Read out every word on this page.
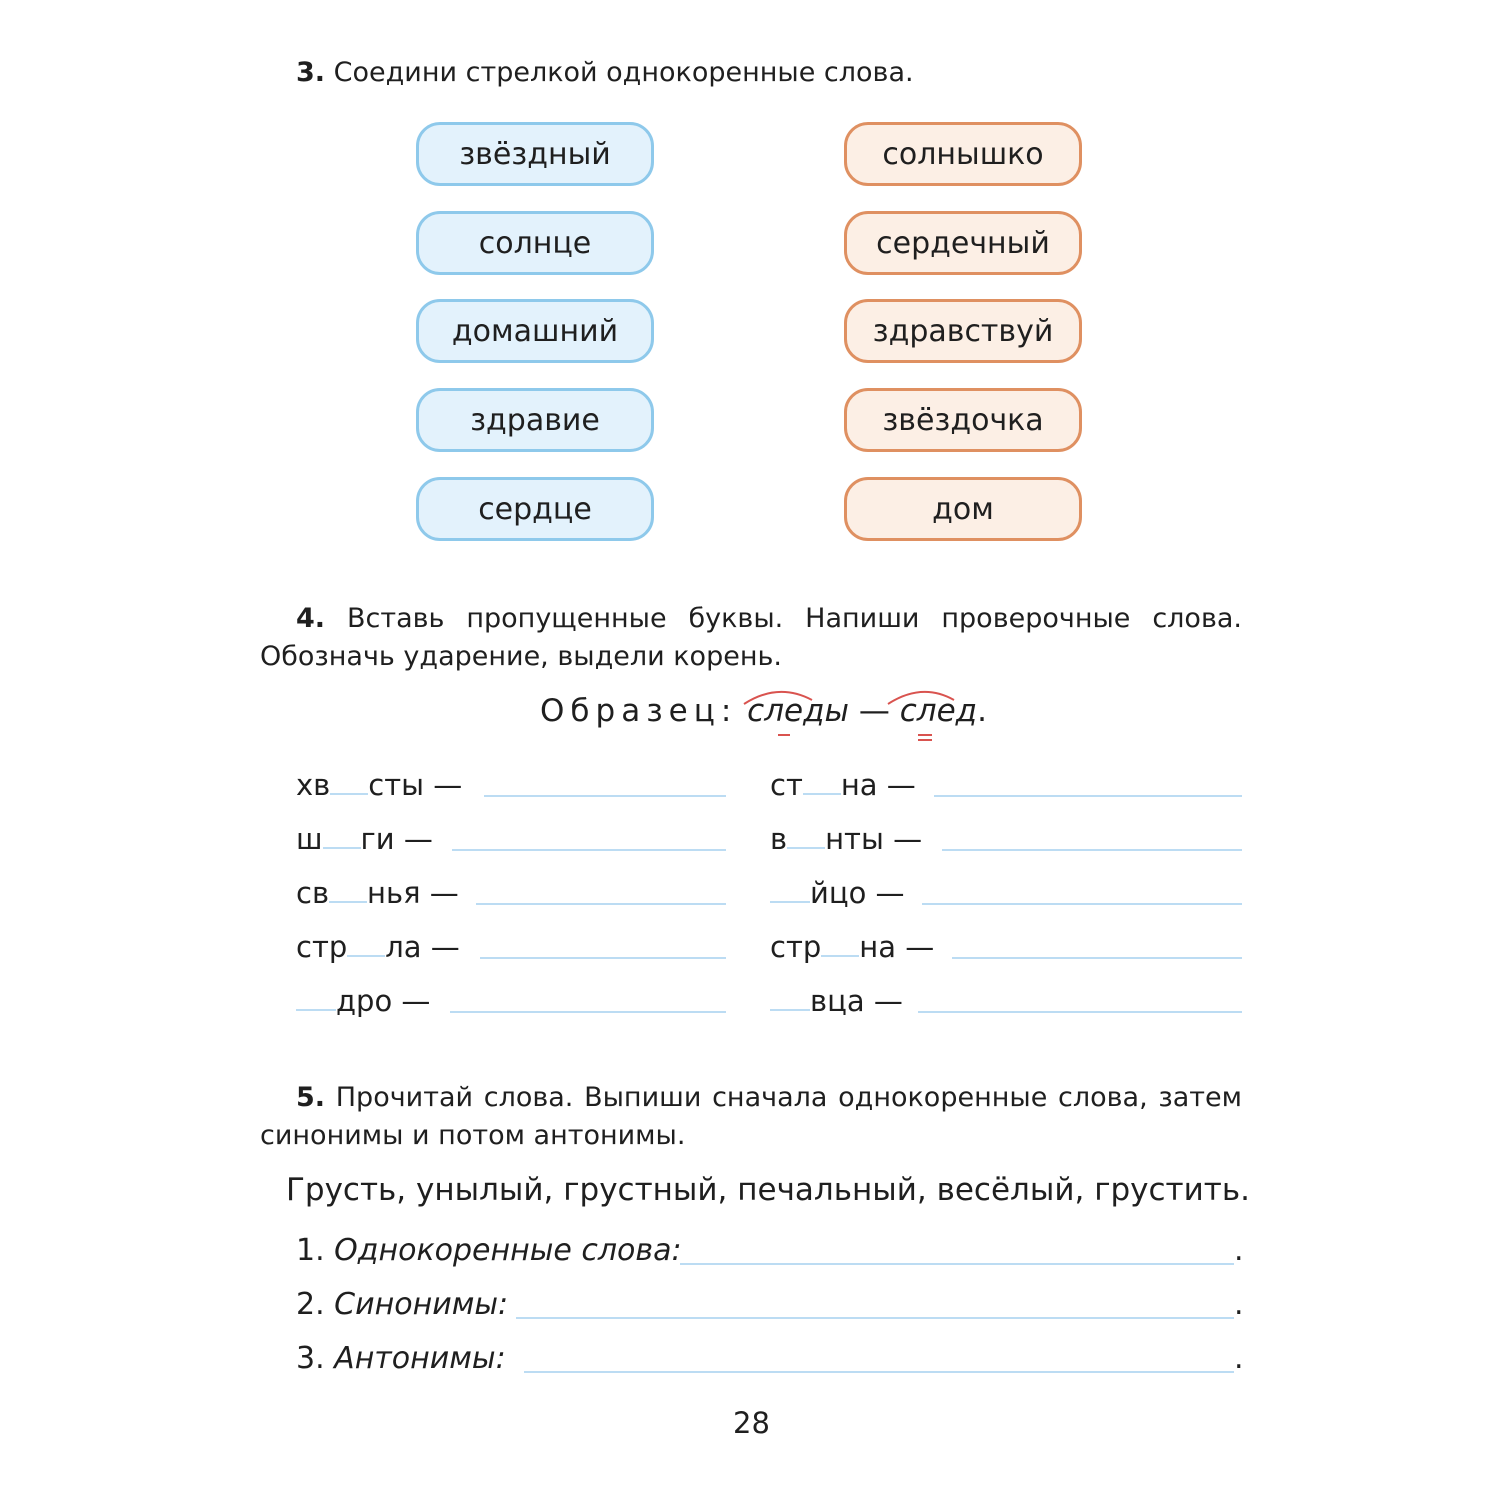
3. Соедини стрелкой однокоренные слова.
звёздный
солнце
домашний
здравие
сердце
солнышко
сердечный
здравствуй
звёздочка
дом
4. Вставь пропущенные буквы. Напиши проверочные слова. Обозначь ударение, выдели корень.
Образец: следы — след.
хв сты —
ш ги —
св нья —
стр ла —
дро —
ст на —
в нты —
йцо —
стр на —
вца —
5. Прочитай слова. Выпиши сначала однокоренные слова, затем синонимы и потом антонимы.
Грусть, унылый, грустный, печальный, весёлый, грустить.
1. Однокоренные слова:	.
2. Синонимы:	.
3. Антонимы:	.
28
